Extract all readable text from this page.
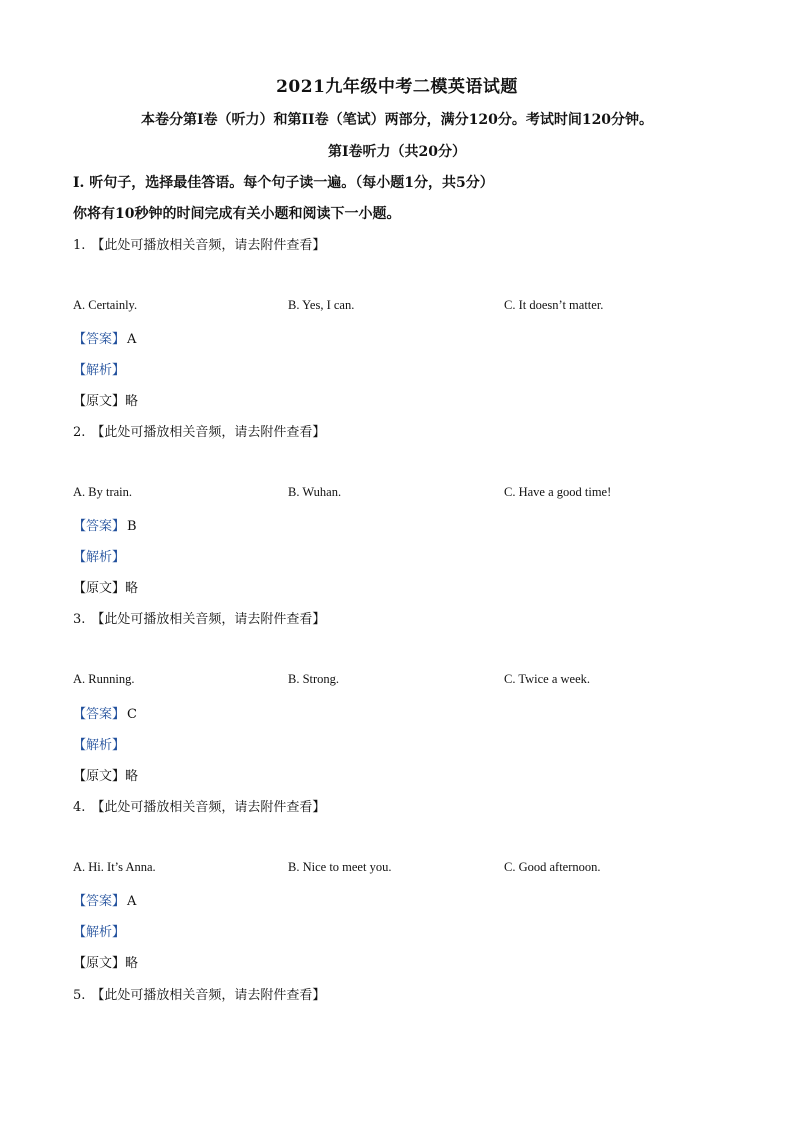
2021九年级中考二模英语试题
本卷分第I卷（听力）和第II卷（笔试）两部分，满分120分。考试时间120分钟。
第I卷听力（共20分）
I. 听句子，选择最佳答语。每个句子读一遍。（每小题1分，共5分）
你将有10秒钟的时间完成有关小题和阅读下一小题。
1. 【此处可播放相关音频，请去附件查看】
A. Certainly.	B. Yes, I can.	C. It doesn’t matter.
【答案】 A
【解析】
【原文】略
2. 【此处可播放相关音频，请去附件查看】
A. By train.	B. Wuhan.	C. Have a good time!
【答案】 B
【解析】
【原文】略
3. 【此处可播放相关音频，请去附件查看】
A. Running.	B. Strong.	C. Twice a week.
【答案】 C
【解析】
【原文】略
4. 【此处可播放相关音频，请去附件查看】
A. Hi. It’s Anna.	B. Nice to meet you.	C. Good afternoon.
【答案】 A
【解析】
【原文】略
5. 【此处可播放相关音频，请去附件查看】
